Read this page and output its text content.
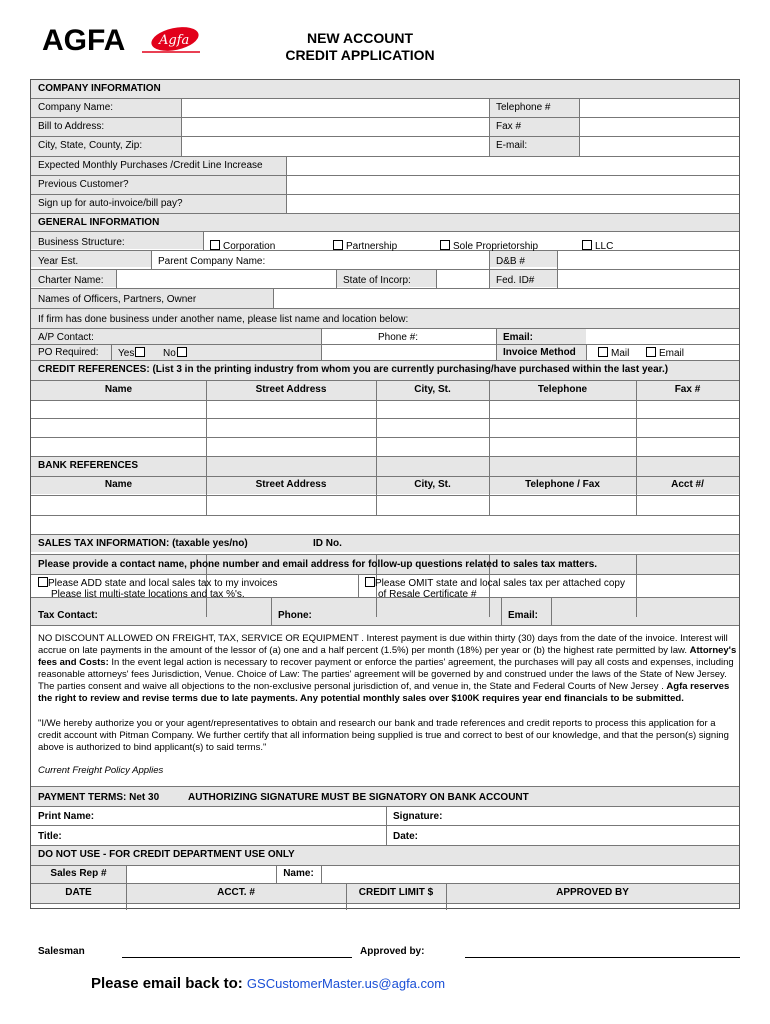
AGFA	Agfa	NEW ACCOUNT
CREDIT APPLICATION
COMPANY INFORMATION
Company Name:	Telephone #
Bill to Address:	Fax #
City, State, County, Zip:	E-mail:
Expected Monthly Purchases /Credit Line Increase
Previous Customer?
Sign up for auto-invoice/bill pay?
GENERAL INFORMATION
Business Structure:	Corporation	Partnership	Sole Proprietorship	LLC
Year Est.	Parent Company Name:	D&B #
Charter Name:	State of Incorp:	Fed. ID#
Names of Officers, Partners, Owner
If firm has done business under another name, please list name and location below:
A/P Contact:	Phone #:	Email:
PO Required:	Yes	No	Invoice Method	Mail	Email
CREDIT REFERENCES: (List 3 in the printing industry from whom you are currently purchasing/have purchased within the last year.)
Name	Street Address	City, St.	Telephone	Fax #
BANK REFERENCES
Name	Street Address	City, St.	Telephone / Fax	Acct #/
SALES TAX INFORMATION: (taxable yes/no)	ID No.
Please provide a contact name, phone number and email address for follow-up questions related to sales tax matters.
Please ADD state and local sales tax to my invoices
Please list multi-state locations and tax %'s.
Please OMIT state and local sales tax per attached copy
of Resale Certificate #
Tax Contact:	Phone:	Email:
NO DISCOUNT ALLOWED ON FREIGHT, TAX, SERVICE OR EQUIPMENT . Interest payment is due within thirty (30) days from the date of the invoice. Interest will accrue on late payments in the amount of the lessor of (a) one and a half percent (1.5%) per month (18%) per year or (b) the highest rate permitted by law. Attorney's fees and Costs: In the event legal action is necessary to recover payment or enforce the parties' agreement, the purchases will pay all costs and expenses, including reasonable attorneys' fees Jurisdiction, Venue. Choice of Law: The parties' agreement will be governed by and construed under the laws of the State of New Jersey. The parties consent and waive all objections to the non-exclusive personal jurisdiction of, and venue in, the State and Federal Courts of New Jersey . Agfa reserves the right to review and revise terms due to late payments. Any potential monthly sales over $100K requires year end financials to be submitted.
"I/We hereby authorize you or your agent/representatives to obtain and research our bank and trade references and credit reports to process this application for a credit account with Pitman Company. We further certify that all information being supplied is true and correct to best of our knowledge, and that the person(s) signing above is authorized to bind applicant(s) to said terms."
Current Freight Policy Applies
PAYMENT TERMS: Net 30	AUTHORIZING SIGNATURE MUST BE SIGNATORY ON BANK ACCOUNT
Print Name:	Signature:
Title:	Date:
DO NOT USE - FOR CREDIT DEPARTMENT USE ONLY
Sales Rep #	Name:
DATE	ACCT. #	CREDIT LIMIT $	APPROVED BY
Salesman	Approved by:
Please email back to: GSCustomerMaster.us@agfa.com
